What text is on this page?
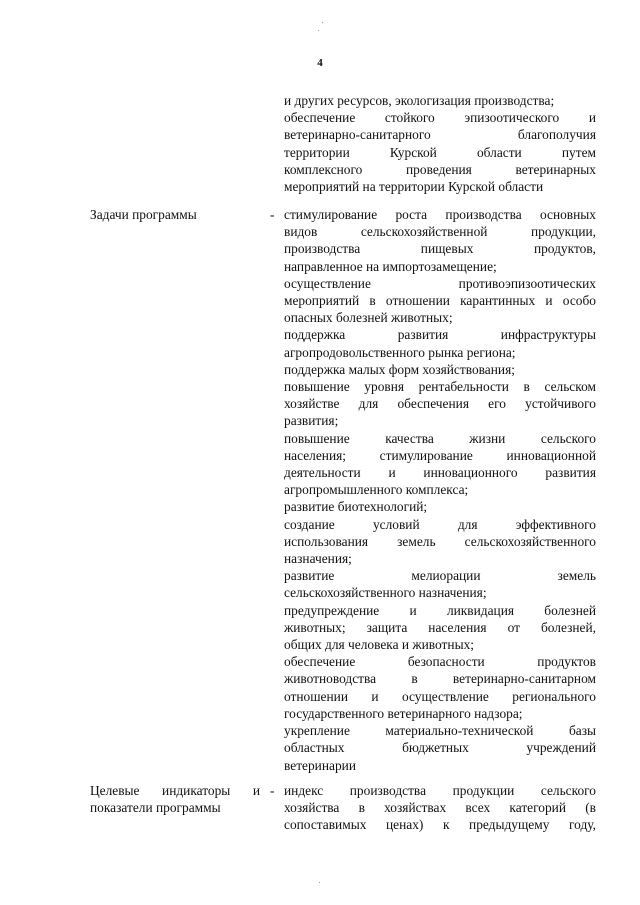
4
и других ресурсов, экологизация производства;
обеспечение стойкого эпизоотического и
ветеринарно-санитарного благополучия
территории Курской области путем
комплексного проведения ветеринарных
мероприятий на территории Курской области
Задачи программы	- стимулирование роста производства основных
видов сельскохозяйственной продукции,
производства пищевых продуктов,
направленное на импортозамещение;
осуществление противоэпизоотических
мероприятий в отношении карантинных и особо
опасных болезней животных;
поддержка развития инфраструктуры
агропродовольственного рынка региона;
поддержка малых форм хозяйствования;
повышение уровня рентабельности в сельском
хозяйстве для обеспечения его устойчивого
развития;
повышение качества жизни сельского
населения; стимулирование инновационной
деятельности и инновационного развития
агропромышленного комплекса;
развитие биотехнологий;
создание условий для эффективного
использования земель сельскохозяйственного
назначения;
развитие мелиорации земель
сельскохозяйственного назначения;
предупреждение и ликвидация болезней
животных; защита населения от болезней,
общих для человека и животных;
обеспечение безопасности продуктов
животноводства в ветеринарно-санитарном
отношении и осуществление регионального
государственного ветеринарного надзора;
укрепление материально-технической базы
областных бюджетных учреждений
ветеринарии
Целевые индикаторы и
показатели программы
- индекс производства продукции сельского
хозяйства в хозяйствах всех категорий (в
сопоставимых ценах) к предыдущему году,
